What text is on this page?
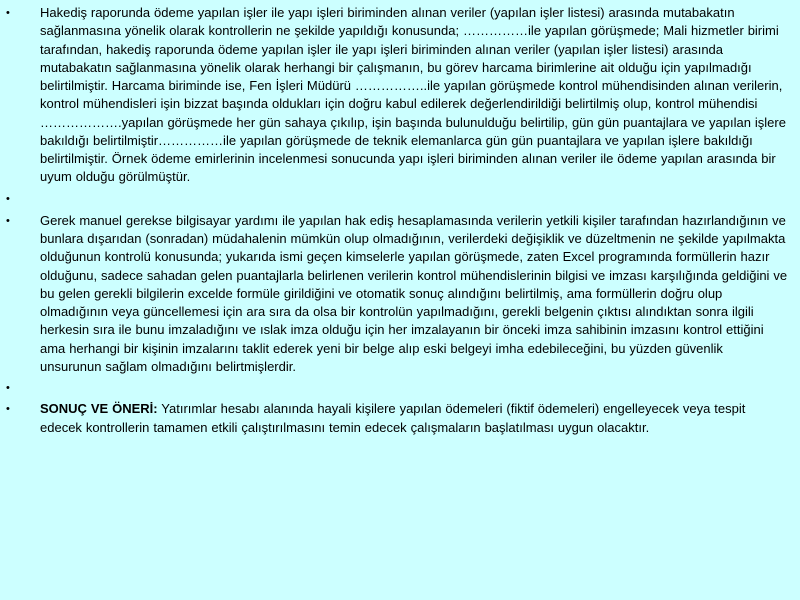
•	Hakediş raporunda ödeme yapılan işler ile yapı işleri biriminden alınan veriler (yapılan işler listesi) arasında mutabakatın sağlanmasına yönelik olarak kontrollerin ne şekilde yapıldığı konusunda; ……………ile yapılan görüşmede; Mali hizmetler birimi tarafından, hakediş raporunda ödeme yapılan işler ile yapı işleri biriminden alınan veriler (yapılan işler listesi) arasında mutabakatın sağlanmasına yönelik olarak herhangi bir çalışmanın, bu görev harcama birimlerine ait olduğu için yapılmadığı belirtilmiştir. Harcama biriminde ise, Fen İşleri Müdürü ……………..ile yapılan görüşmede kontrol mühendisinden alınan verilerin, kontrol mühendisleri işin bizzat başında oldukları için doğru kabul edilerek değerlendirildiği belirtilmiş olup, kontrol mühendisi ……………….yapılan görüşmede her gün sahaya çıkılıp, işin başında bulunulduğu belirtilip, gün gün puantajlara ve yapılan işlere bakıldığı belirtilmiştir……………ile yapılan görüşmede de teknik elemanlarca gün gün puantajlara ve yapılan işlere bakıldığı belirtilmiştir. Örnek ödeme emirlerinin incelenmesi sonucunda yapı işleri biriminden alınan veriler ile ödeme yapılan arasında bir uyum olduğu görülmüştür.
•
•	Gerek manuel gerekse bilgisayar yardımı ile yapılan hak ediş hesaplamasında verilerin yetkili kişiler tarafından hazırlandığının ve bunlara dışarıdan (sonradan) müdahalenin mümkün olup olmadığının, verilerdeki değişiklik ve düzeltmenin ne şekilde yapılmakta olduğunun kontrolü konusunda; yukarıda ismi geçen kimselerle yapılan görüşmede, zaten Excel programında formüllerin hazır olduğunu, sadece sahadan gelen puantajlarla belirlenen verilerin kontrol mühendislerinin bilgisi ve imzası karşılığında geldiğini ve bu gelen gerekli bilgilerin excelde formüle girildiğini ve otomatik sonuç alındığını belirtilmiş, ama formüllerin doğru olup olmadığının veya güncellemesi için ara sıra da olsa bir kontrolün yapılmadığını, gerekli belgenin çıktısı alındıktan sonra ilgili herkesin sıra ile bunu imzaladığını ve ıslak imza olduğu için her imzalayanın bir önceki imza sahibinin imzasını kontrol ettiğini ama herhangi bir kişinin imzalarını taklit ederek yeni bir belge alıp eski belgeyi imha edebileceğini, bu yüzden güvenlik unsurunun sağlam olmadığını belirtmişlerdir.
•
•	SONUÇ VE ÖNERİ: Yatırımlar hesabı alanında hayali kişilere yapılan ödemeleri (fiktif ödemeleri) engelleyecek veya tespit edecek kontrollerin tamamen etkili çalıştırılmasını temin edecek çalışmaların başlatılması uygun olacaktır.
